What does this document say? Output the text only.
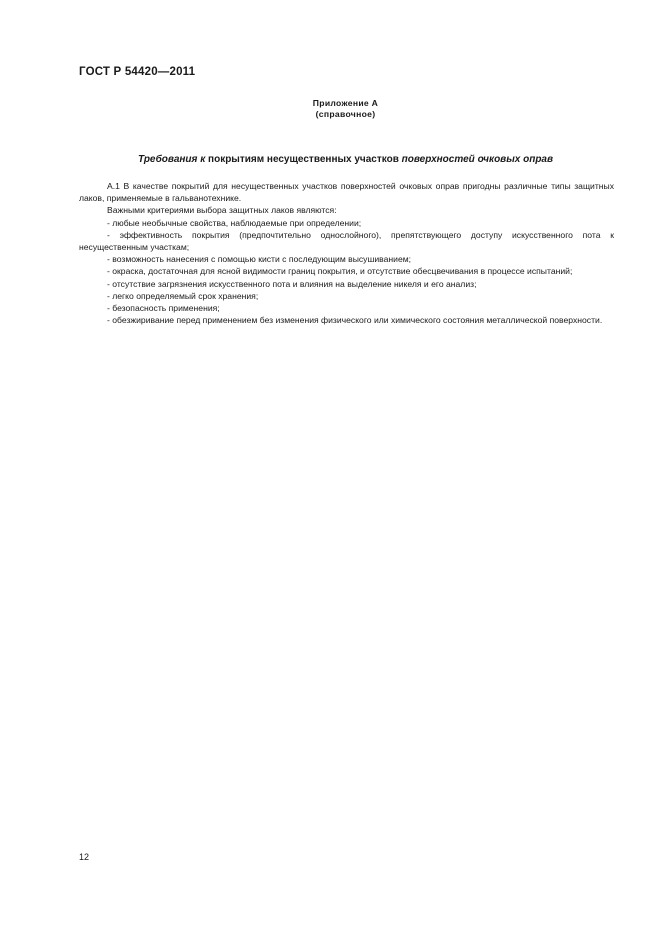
ГОСТ Р 54420—2011
Приложение А
(справочное)
Требования к покрытиям несущественных участков поверхностей очковых оправ

А.1 В качестве покрытий для несущественных участков поверхностей очковых оправ пригодны различные типы защитных лаков, применяемые в гальванотехнике.

Важными критериями выбора защитных лаков являются:

- любые необычные свойства, наблюдаемые при определении;

- эффективность покрытия (предпочтительно однослойного), препятствующего доступу искусственного пота к несущественным участкам;

- возможность нанесения с помощью кисти с последующим высушиванием;

- окраска, достаточная для ясной видимости границ покрытия, и отсутствие обесцвечивания в процессе испытаний;

- отсутствие загрязнения искусственного пота и влияния на выделение никеля и его анализ;

- легко определяемый срок хранения;

- безопасность применения;

- обезжиривание перед применением без изменения физического или химического состояния металлической поверхности.

12
